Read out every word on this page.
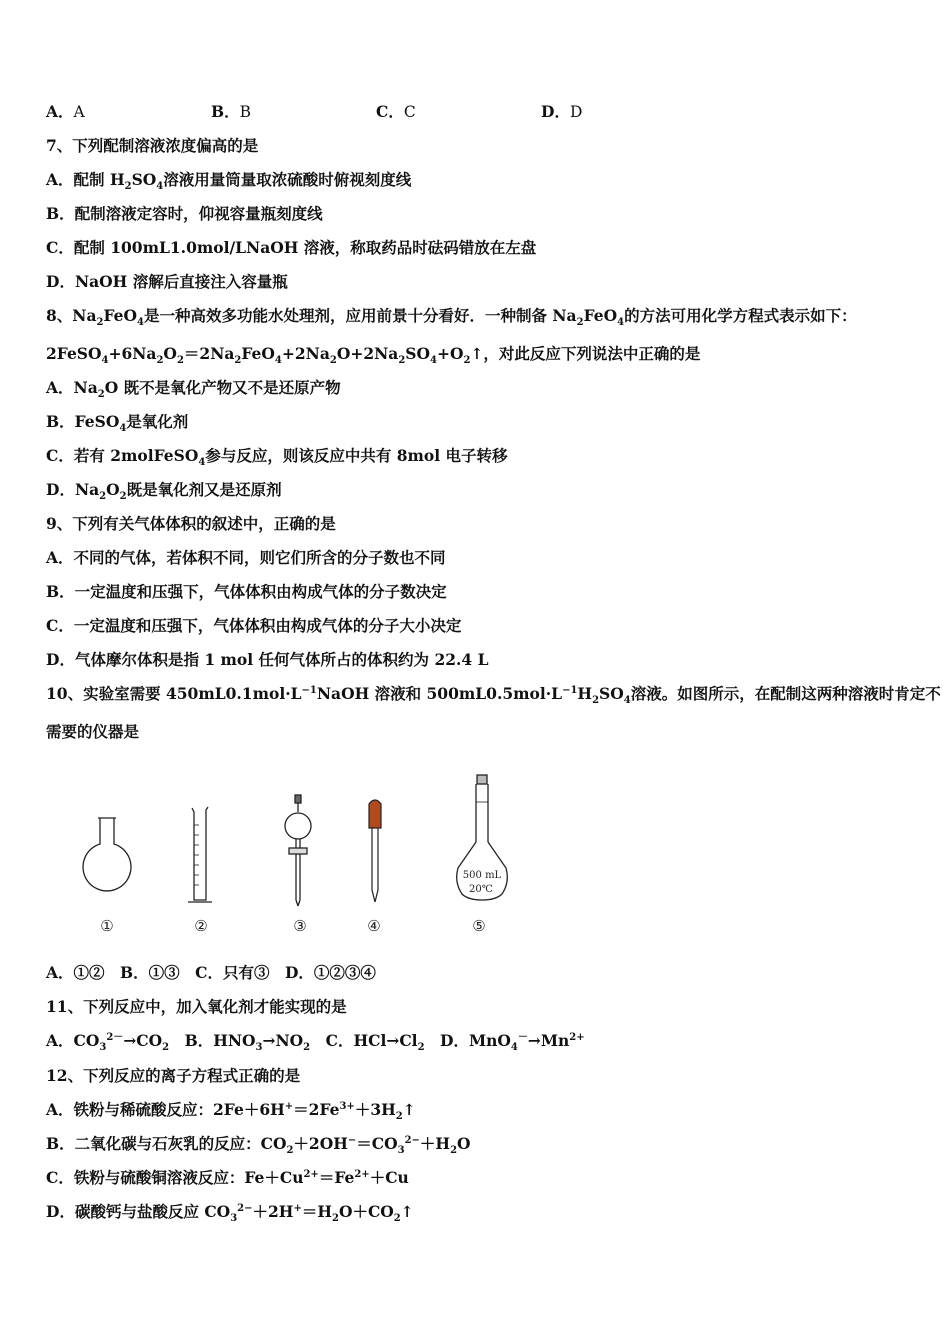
A．A	B．B	C．C	D．D
7、下列配制溶液浓度偏高的是
A．配制 $H_2SO_4$溶液用量筒量取浓硫酸时俯视刻度线
B．配制溶液定容时，仰视容量瓶刻度线
C．配制 100mL1.0mol/LNaOH 溶液，称取药品时砝码错放在左盘
D．NaOH 溶解后直接注入容量瓶
8、$Na_2FeO_4$是一种高效多功能水处理剂，应用前景十分看好．一种制备 $Na_2FeO_4$的方法可用化学方程式表示如下：
$2FeSO_4+6Na_2O_2=2Na_2FeO_4+2Na_2O+2Na_2SO_4+O_2↑$，对此反应下列说法中正确的是
A．$Na_2O$ 既不是氧化产物又不是还原产物
B．FeSO$_4$是氧化剂
C．若有 2molFeSO$_4$参与反应，则该反应中共有 8mol 电子转移
D．$Na_2O_2$既是氧化剂又是还原剂
9、下列有关气体体积的叙述中，正确的是
A．不同的气体，若体积不同，则它们所含的分子数也不同
B．一定温度和压强下，气体体积由构成气体的分子数决定
C．一定温度和压强下，气体体积由构成气体的分子大小决定
D．气体摩尔体积是指 1 mol 任何气体所占的体积约为 22.4 L
10、实验室需要 $450mL0.1mol\cdot L^{-1}NaOH$ 溶液和 $500mL0.5mol\cdot L^{-1}H_2SO_4$溶液。如图所示，在配制这两种溶液时肯定不
需要的仪器是
500 mL
20℃
①	②	③	④	⑤
A．①②　B．①③　C．只有③　D．①②③④
11、下列反应中，加入氧化剂才能实现的是
A．$CO_3^{2-}\to CO_2$　B．$HNO_3\to NO_2$　C．$HCl\to Cl_2$　D．$MnO_4^-\to Mn^{2+}$
12、下列反应的离子方程式正确的是
A．铁粉与稀硫酸反应：$2Fe+6H^+=2Fe^{3+}+3H_2↑$
B．二氧化碳与石灰乳的反应：$CO_2+2OH^-=CO_3^{2-}+H_2O$
C．铁粉与硫酸铜溶液反应：$Fe+Cu^{2+}=Fe^{2+}+Cu$
D．碳酸钙与盐酸反应 $CO_3^{2-}+2H^+=H_2O+CO_2↑$
